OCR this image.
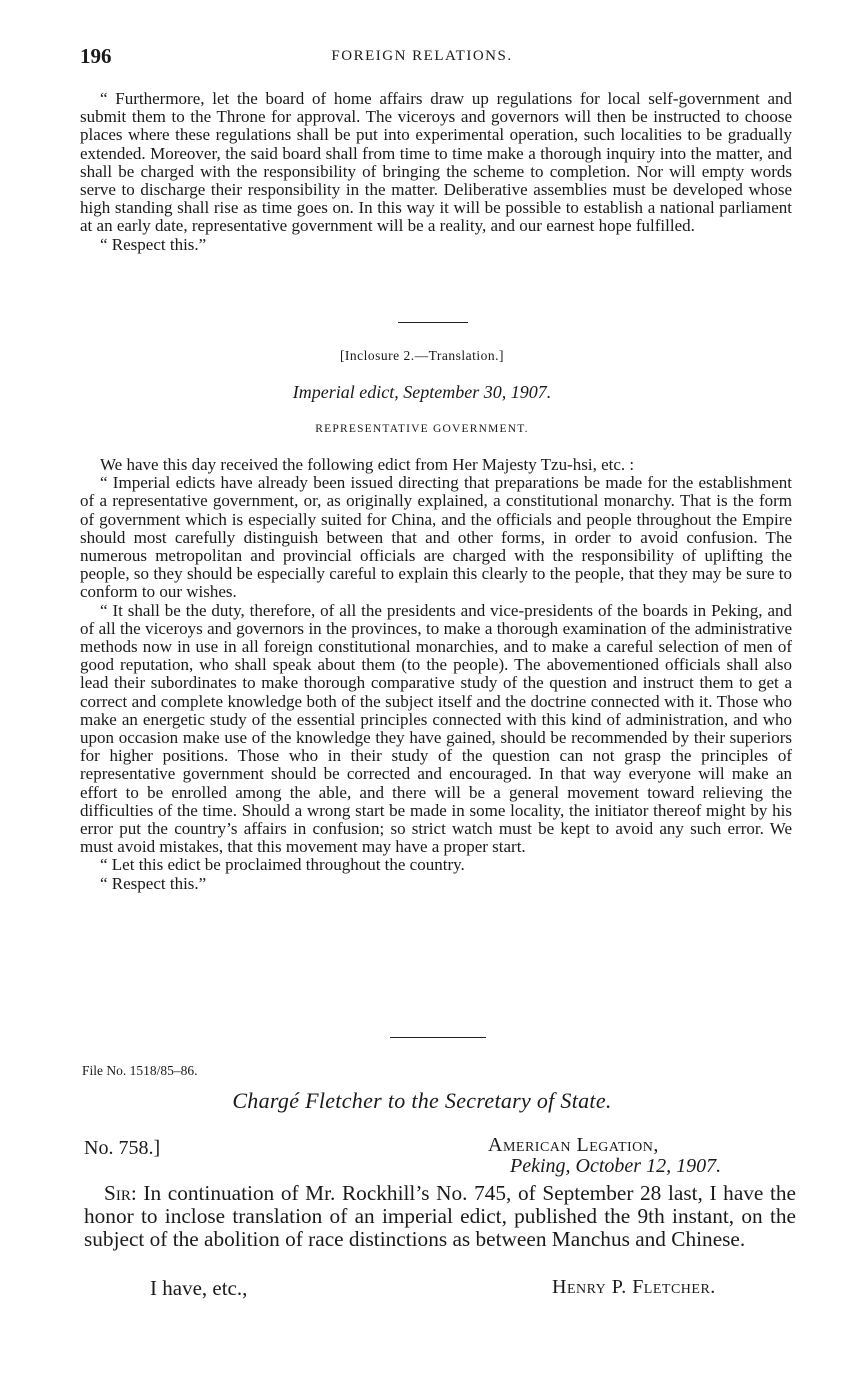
196	FOREIGN RELATIONS.

“ Furthermore, let the board of home affairs draw up regulations for local self-government and submit them to the Throne for approval. The viceroys and governors will then be instructed to choose places where these regulations shall be put into experimental operation, such localities to be gradually extended. Moreover, the said board shall from time to time make a thorough inquiry into the matter, and shall be charged with the responsibility of bringing the scheme to completion. Nor will empty words serve to discharge their responsibility in the matter. Deliberative assemblies must be developed whose high standing shall rise as time goes on. In this way it will be possible to establish a national parliament at an early date, representative government will be a reality, and our earnest hope fulfilled.

“ Respect this.”

[Inclosure 2.—Translation.]
Imperial edict, September 30, 1907.
REPRESENTATIVE GOVERNMENT.

We have this day received the following edict from Her Majesty Tzu-hsi, etc. :

“ Imperial edicts have already been issued directing that preparations be made for the establishment of a representative government, or, as originally explained, a constitutional monarchy. That is the form of government which is especially suited for China, and the officials and people throughout the Empire should most carefully distinguish between that and other forms, in order to avoid confusion. The numerous metropolitan and provincial officials are charged with the responsibility of uplifting the people, so they should be especially careful to explain this clearly to the people, that they may be sure to conform to our wishes.

“ It shall be the duty, therefore, of all the presidents and vice-presidents of the boards in Peking, and of all the viceroys and governors in the provinces, to make a thorough examination of the administrative methods now in use in all foreign constitutional monarchies, and to make a careful selection of men of good reputation, who shall speak about them (to the people). The abovementioned officials shall also lead their subordinates to make thorough comparative study of the question and instruct them to get a correct and complete knowledge both of the subject itself and the doctrine connected with it. Those who make an energetic study of the essential principles connected with this kind of administration, and who upon occasion make use of the knowledge they have gained, should be recommended by their superiors for higher positions. Those who in their study of the question can not grasp the principles of representative government should be corrected and encouraged. In that way everyone will make an effort to be enrolled among the able, and there will be a general movement toward relieving the difficulties of the time. Should a wrong start be made in some locality, the initiator thereof might by his error put the country’s affairs in confusion; so strict watch must be kept to avoid any such error. We must avoid mistakes, that this movement may have a proper start.

“ Let this edict be proclaimed throughout the country.

“ Respect this.”

File No. 1518/85–86.
Chargé Fletcher to the Secretary of State.
No. 758.]	American Legation,
Peking, October 12, 1907.

Sir: In continuation of Mr. Rockhill’s No. 745, of September 28 last, I have the honor to inclose translation of an imperial edict, published the 9th instant, on the subject of the abolition of race distinctions as between Manchus and Chinese.

I have, etc.,	Henry P. Fletcher.
